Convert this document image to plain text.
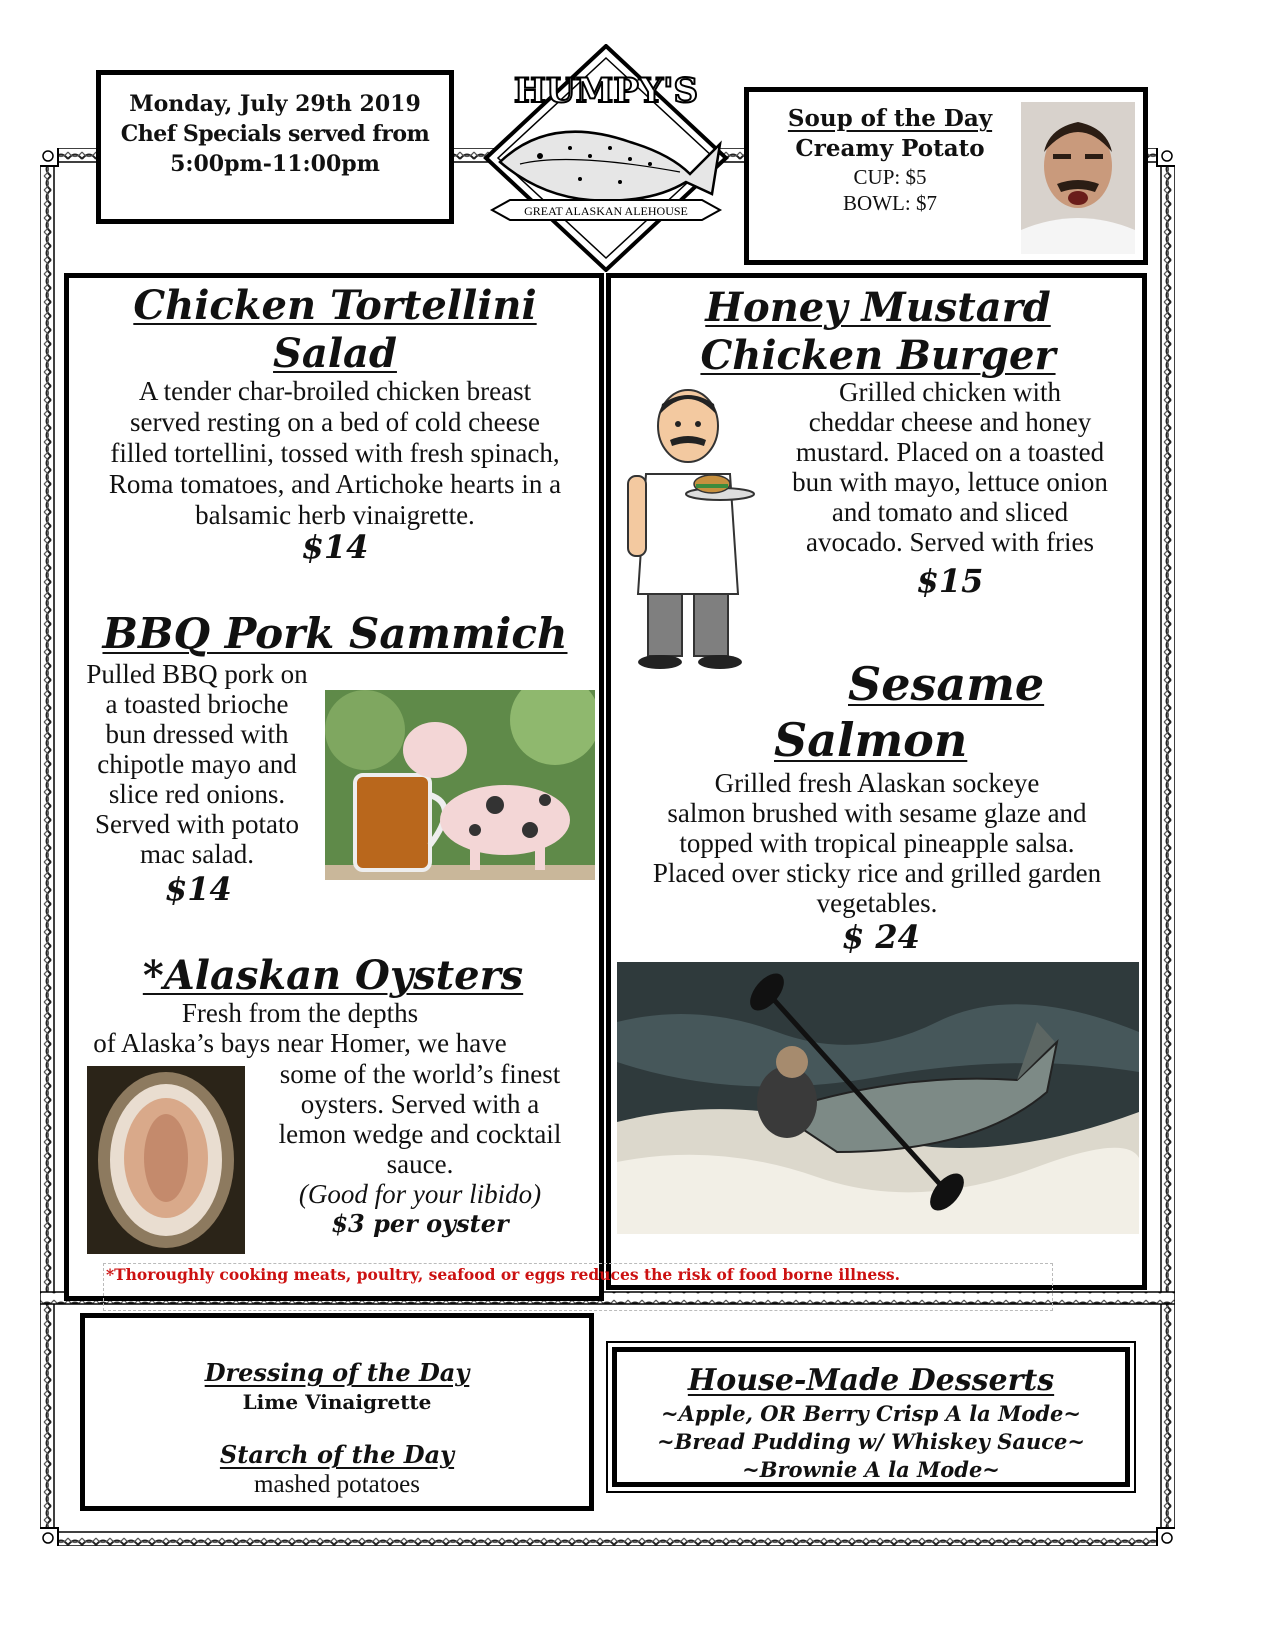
Monday, July 29th 2019
Chef Specials served from
5:00pm-11:00pm
GREAT ALASKAN ALEHOUSE
HUMPY'S
Soup of the Day
Creamy Potato
CUP: $5
BOWL: $7
Chicken Tortellini
Salad
A tender char-broiled chicken breast
served resting on a bed of cold cheese
filled tortellini, tossed with fresh spinach,
Roma tomatoes, and Artichoke hearts in a
balsamic herb vinaigrette.
$14
BBQ Pork Sammich
Pulled BBQ pork on
a toasted brioche
bun dressed with
chipotle mayo and
slice red onions.
Served with potato
mac salad.
$14
*Alaskan Oysters
Fresh from the depths
of Alaska’s bays near Homer, we have
some of the world’s finest
oysters. Served with a
lemon wedge and cocktail
sauce.
(Good for your libido)
$3 per oyster
*Thoroughly cooking meats, poultry, seafood or eggs reduces the risk of food borne illness.
Honey Mustard
Chicken Burger
Grilled chicken with
cheddar cheese and honey
mustard. Placed on a toasted
bun with mayo, lettuce onion
and tomato and sliced
avocado. Served with fries
$15
Sesame
Salmon
Grilled fresh Alaskan sockeye
salmon brushed with sesame glaze and
topped with tropical pineapple salsa.
Placed over sticky rice and grilled garden
vegetables.
$ 24
Dressing of the Day
Lime Vinaigrette
Starch of the Day
mashed potatoes
House-Made Desserts
~Apple, OR Berry Crisp A la Mode~
~Bread Pudding w/ Whiskey Sauce~
~Brownie A la Mode~
